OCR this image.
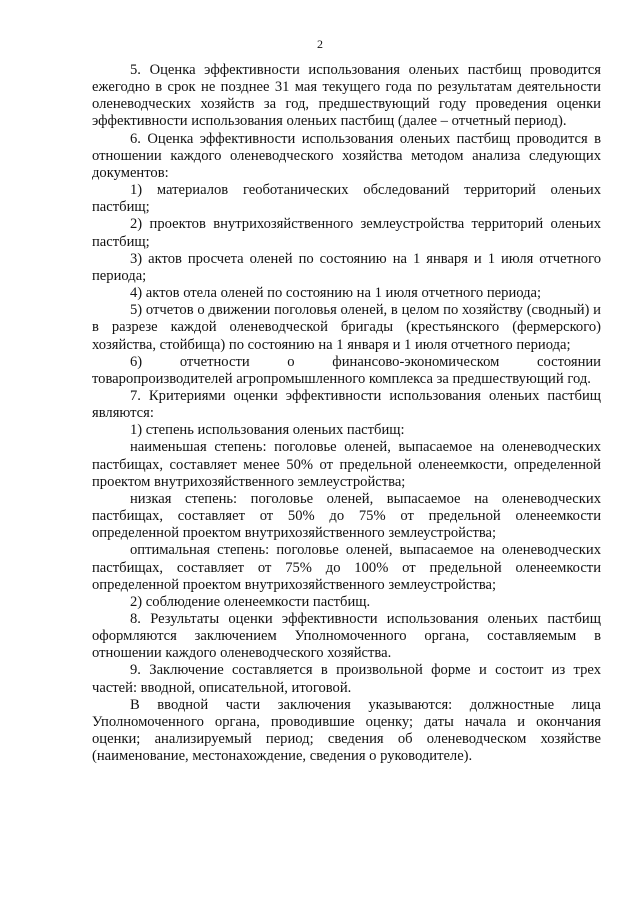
2

5. Оценка эффективности использования оленьих пастбищ проводится ежегодно в срок не позднее 31 мая текущего года по результатам деятельности оленеводческих хозяйств за год, предшествующий году проведения оценки эффективности использования оленьих пастбищ (далее – отчетный период).

6. Оценка эффективности использования оленьих пастбищ проводится в отношении каждого оленеводческого хозяйства методом анализа следующих документов:

1) материалов геоботанических обследований территорий оленьих пастбищ;

2) проектов внутрихозяйственного землеустройства территорий оленьих пастбищ;

3) актов просчета оленей по состоянию на 1 января и 1 июля отчетного периода;

4) актов отела оленей по состоянию на 1 июля отчетного периода;

5) отчетов о движении поголовья оленей, в целом по хозяйству (сводный) и в разрезе каждой оленеводческой бригады (крестьянского (фермерского) хозяйства, стойбища) по состоянию на 1 января и 1 июля отчетного периода;

6) отчетности о финансово-экономическом состоянии товаропроизводителей агропромышленного комплекса за предшествующий год.

7. Критериями оценки эффективности использования оленьих пастбищ являются:

1) степень использования оленьих пастбищ:

наименьшая степень: поголовье оленей, выпасаемое на оленеводческих пастбищах, составляет менее 50% от предельной оленеемкости, определенной проектом внутрихозяйственного землеустройства;

низкая степень: поголовье оленей, выпасаемое на оленеводческих пастбищах, составляет от 50% до 75% от предельной оленеемкости определенной проектом внутрихозяйственного землеустройства;

оптимальная степень: поголовье оленей, выпасаемое на оленеводческих пастбищах, составляет от 75% до 100% от предельной оленеемкости определенной проектом внутрихозяйственного землеустройства;

2) соблюдение оленеемкости пастбищ.

8. Результаты оценки эффективности использования оленьих пастбищ оформляются заключением Уполномоченного органа, составляемым в отношении каждого оленеводческого хозяйства.

9. Заключение составляется в произвольной форме и состоит из трех частей: вводной, описательной, итоговой.

В вводной части заключения указываются: должностные лица Уполномоченного органа, проводившие оценку; даты начала и окончания оценки; анализируемый период; сведения об оленеводческом хозяйстве (наименование, местонахождение, сведения о руководителе).
